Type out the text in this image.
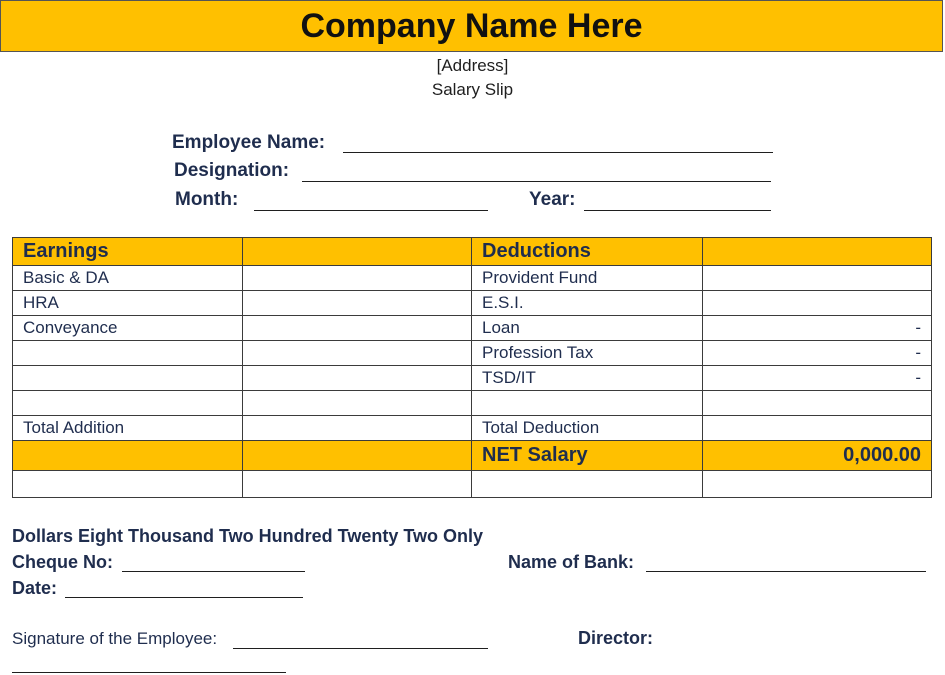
Company Name Here
[Address]
Salary Slip
Employee Name:
Designation:
Month:	Year:
Earnings		Deductions	
Basic & DA		Provident Fund	
HRA		E.S.I.	
Conveyance		Loan	-
		Profession Tax	-
		TSD/IT	-

Total Addition		Total Deduction	
		NET Salary	0,000.00

Dollars Eight Thousand Two Hundred Twenty Two Only
Cheque No:	Name of Bank:
Date:
Signature of the Employee:	Director:
